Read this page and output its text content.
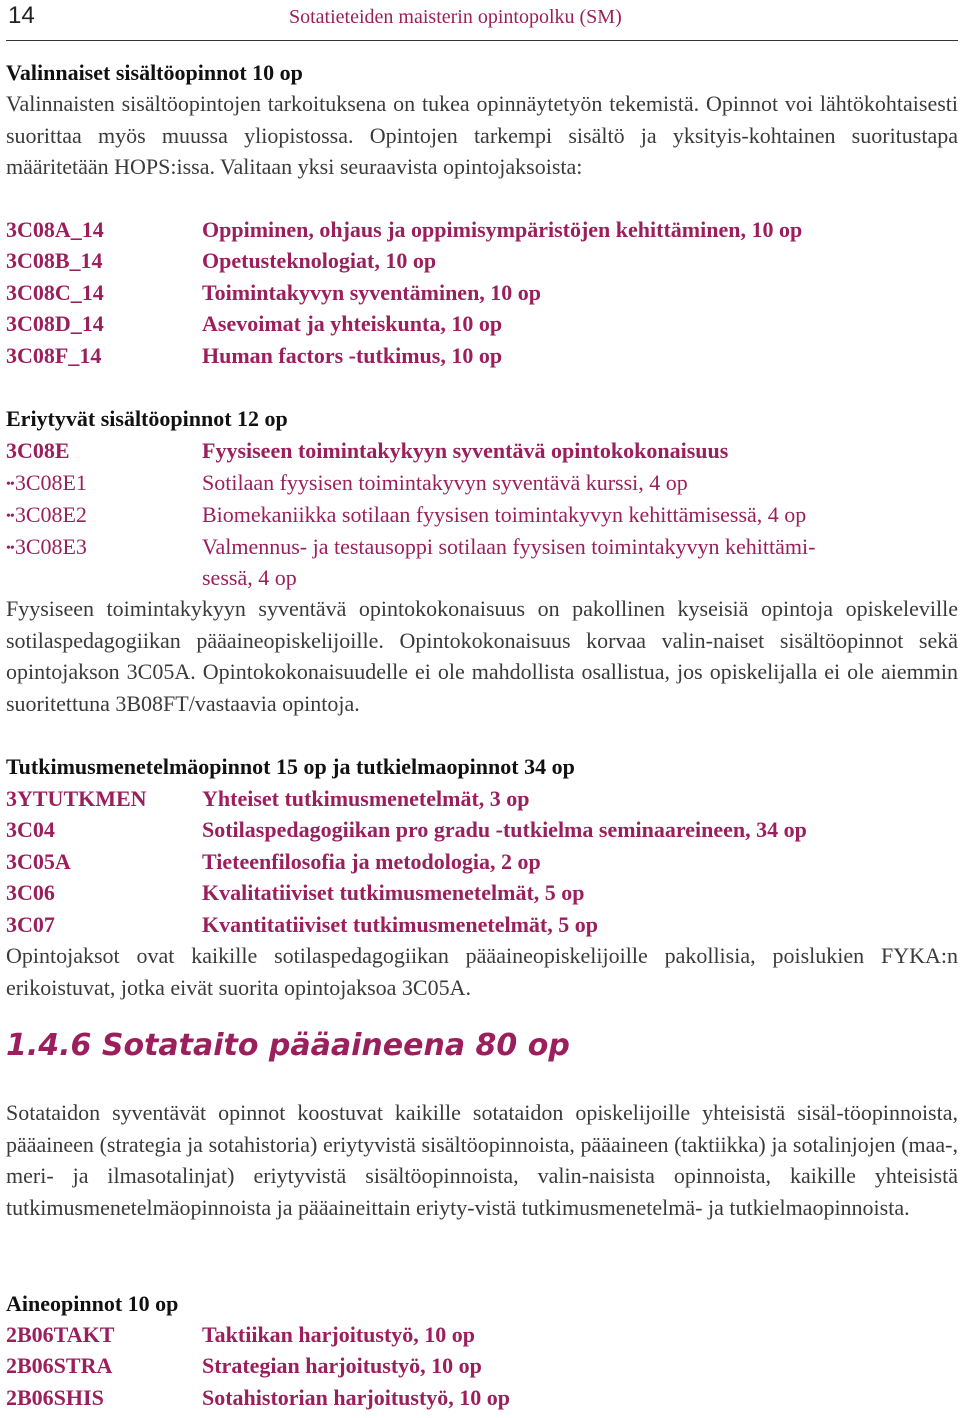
14	Sotatieteiden maisterin opintopolku (SM)
Valinnaiset sisältöopinnot 10 op
Valinnaisten sisältöopintojen tarkoituksena on tukea opinnäytetyön tekemistä. Opinnot voi lähtökohtaisesti suorittaa myös muussa yliopistossa. Opintojen tarkempi sisältö ja yksityis-kohtainen suoritustapa määritetään HOPS:issa. Valitaan yksi seuraavista opintojaksoista:
3C08A_14	Oppiminen, ohjaus ja oppimisympäristöjen kehittäminen, 10 op
3C08B_14	Opetusteknologiat, 10 op
3C08C_14	Toimintakyvyn syventäminen, 10 op
3C08D_14	Asevoimat ja yhteiskunta, 10 op
3C08F_14	Human factors -tutkimus, 10 op
Eriytyvät sisältöopinnot 12 op
3C08E	Fyysiseen toimintakykyyn syventävä opintokokonaisuus
••3C08E1	Sotilaan fyysisen toimintakyvyn syventävä kurssi, 4 op
••3C08E2	Biomekaniikka sotilaan fyysisen toimintakyvyn kehittämisessä, 4 op
••3C08E3	Valmennus- ja testausoppi sotilaan fyysisen toimintakyvyn kehittämi-
sessä, 4 op
Fyysiseen toimintakykyyn syventävä opintokokonaisuus on pakollinen kyseisiä opintoja opiskeleville sotilaspedagogiikan pääaineopiskelijoille. Opintokokonaisuus korvaa valin-naiset sisältöopinnot sekä opintojakson 3C05A. Opintokokonaisuudelle ei ole mahdollista osallistua, jos opiskelijalla ei ole aiemmin suoritettuna 3B08FT/vastaavia opintoja.
Tutkimusmenetelmäopinnot 15 op ja tutkielmaopinnot 34 op
3YTUTKMEN	Yhteiset tutkimusmenetelmät, 3 op
3C04	Sotilaspedagogiikan pro gradu -tutkielma seminaareineen, 34 op
3C05A	Tieteenfilosofia ja metodologia, 2 op
3C06	Kvalitatiiviset tutkimusmenetelmät, 5 op
3C07	Kvantitatiiviset tutkimusmenetelmät, 5 op
Opintojaksot ovat kaikille sotilaspedagogiikan pääaineopiskelijoille pakollisia, poislukien FYKA:n erikoistuvat, jotka eivät suorita opintojaksoa 3C05A.
1.4.6 Sotataito pääaineena 80 op
Sotataidon syventävät opinnot koostuvat kaikille sotataidon opiskelijoille yhteisistä sisäl-töopinnoista, pääaineen (strategia ja sotahistoria) eriytyvistä sisältöopinnoista, pääaineen (taktiikka) ja sotalinjojen (maa-, meri- ja ilmasotalinjat) eriytyvistä sisältöopinnoista, valin-naisista opinnoista, kaikille yhteisistä tutkimusmenetelmäopinnoista ja pääaineittain eriyty-vistä tutkimusmenetelmä- ja tutkielmaopinnoista.
Aineopinnot 10 op
2B06TAKT	Taktiikan harjoitustyö, 10 op
2B06STRA	Strategian harjoitustyö, 10 op
2B06SHIS	Sotahistorian harjoitustyö, 10 op
